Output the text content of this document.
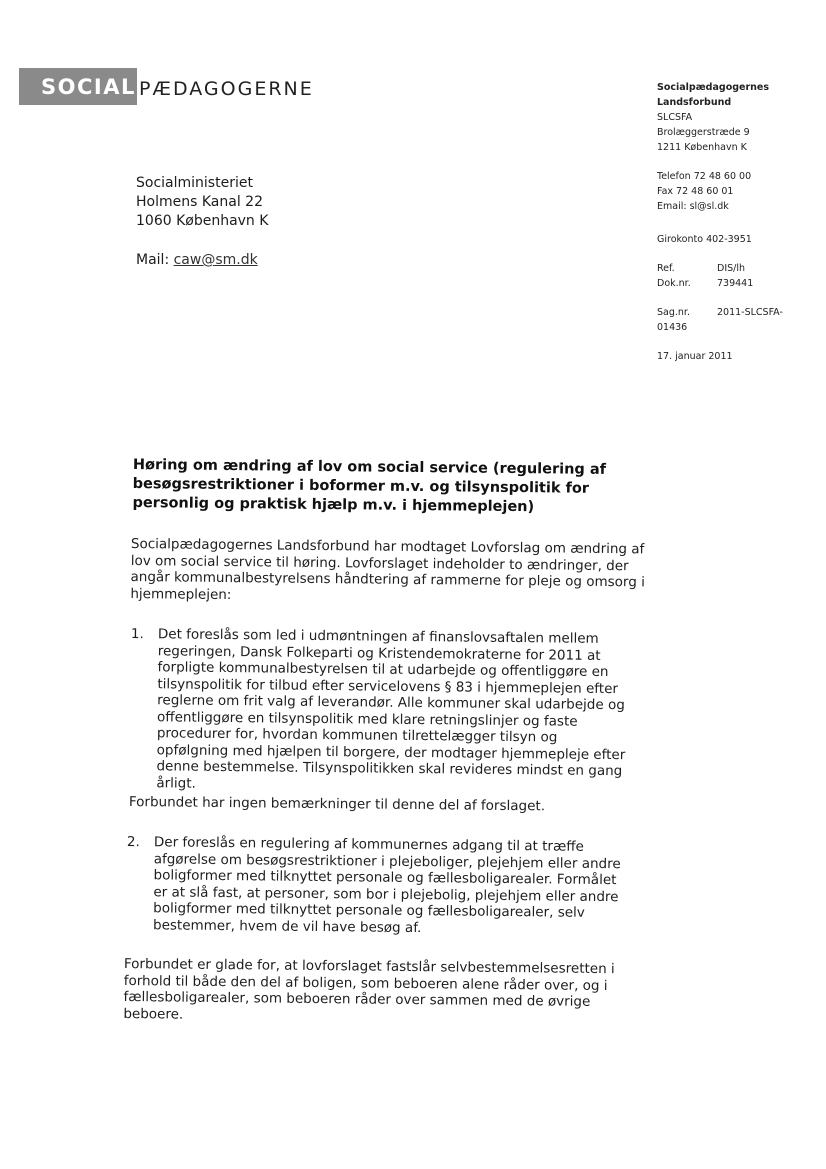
SOCIAL PÆDAGOGERNE	Socialpædagogernes
Landsforbund
SLCSFA
Brolæggerstræde 9
1211 København K
Telefon 72 48 60 00
Fax 72 48 60 01
Email: sl@sl.dk
Girokonto 402-3951
Ref.	DIS/lh
Dok.nr.	739441
Sag.nr.	2011-SLCSFA-
01436
17. januar 2011
Socialministeriet
Holmens Kanal 22
1060 København K
Mail: caw@sm.dk
Høring om ændring af lov om social service (regulering af besøgsrestriktioner i boformer m.v. og tilsynspolitik for personlig og praktisk hjælp m.v. i hjemmeplejen)
Socialpædagogernes Landsforbund har modtaget Lovforslag om ændring af lov om social service til høring. Lovforslaget indeholder to ændringer, der angår kommunalbestyrelsens håndtering af rammerne for pleje og omsorg i hjemmeplejen:
1.	Det foreslås som led i udmøntningen af finanslovsaftalen mellem regeringen, Dansk Folkeparti og Kristendemokraterne for 2011 at forpligte kommunalbestyrelsen til at udarbejde og offentliggøre en tilsynspolitik for tilbud efter servicelovens § 83 i hjemmeplejen efter reglerne om frit valg af leverandør. Alle kommuner skal udarbejde og offentliggøre en tilsynspolitik med klare retningslinjer og faste procedurer for, hvordan kommunen tilrettelægger tilsyn og opfølgning med hjælpen til borgere, der modtager hjemmepleje efter denne bestemmelse. Tilsynspolitikken skal revideres mindst en gang årligt.
Forbundet har ingen bemærkninger til denne del af forslaget.
2.	Der foreslås en regulering af kommunernes adgang til at træffe afgørelse om besøgsrestriktioner i plejeboliger, plejehjem eller andre boligformer med tilknyttet personale og fællesboligarealer. Formålet er at slå fast, at personer, som bor i plejebolig, plejehjem eller andre boligformer med tilknyttet personale og fællesboligarealer, selv bestemmer, hvem de vil have besøg af.
Forbundet er glade for, at lovforslaget fastslår selvbestemmelsesretten i forhold til både den del af boligen, som beboeren alene råder over, og i fællesboligarealer, som beboeren råder over sammen med de øvrige beboere.
